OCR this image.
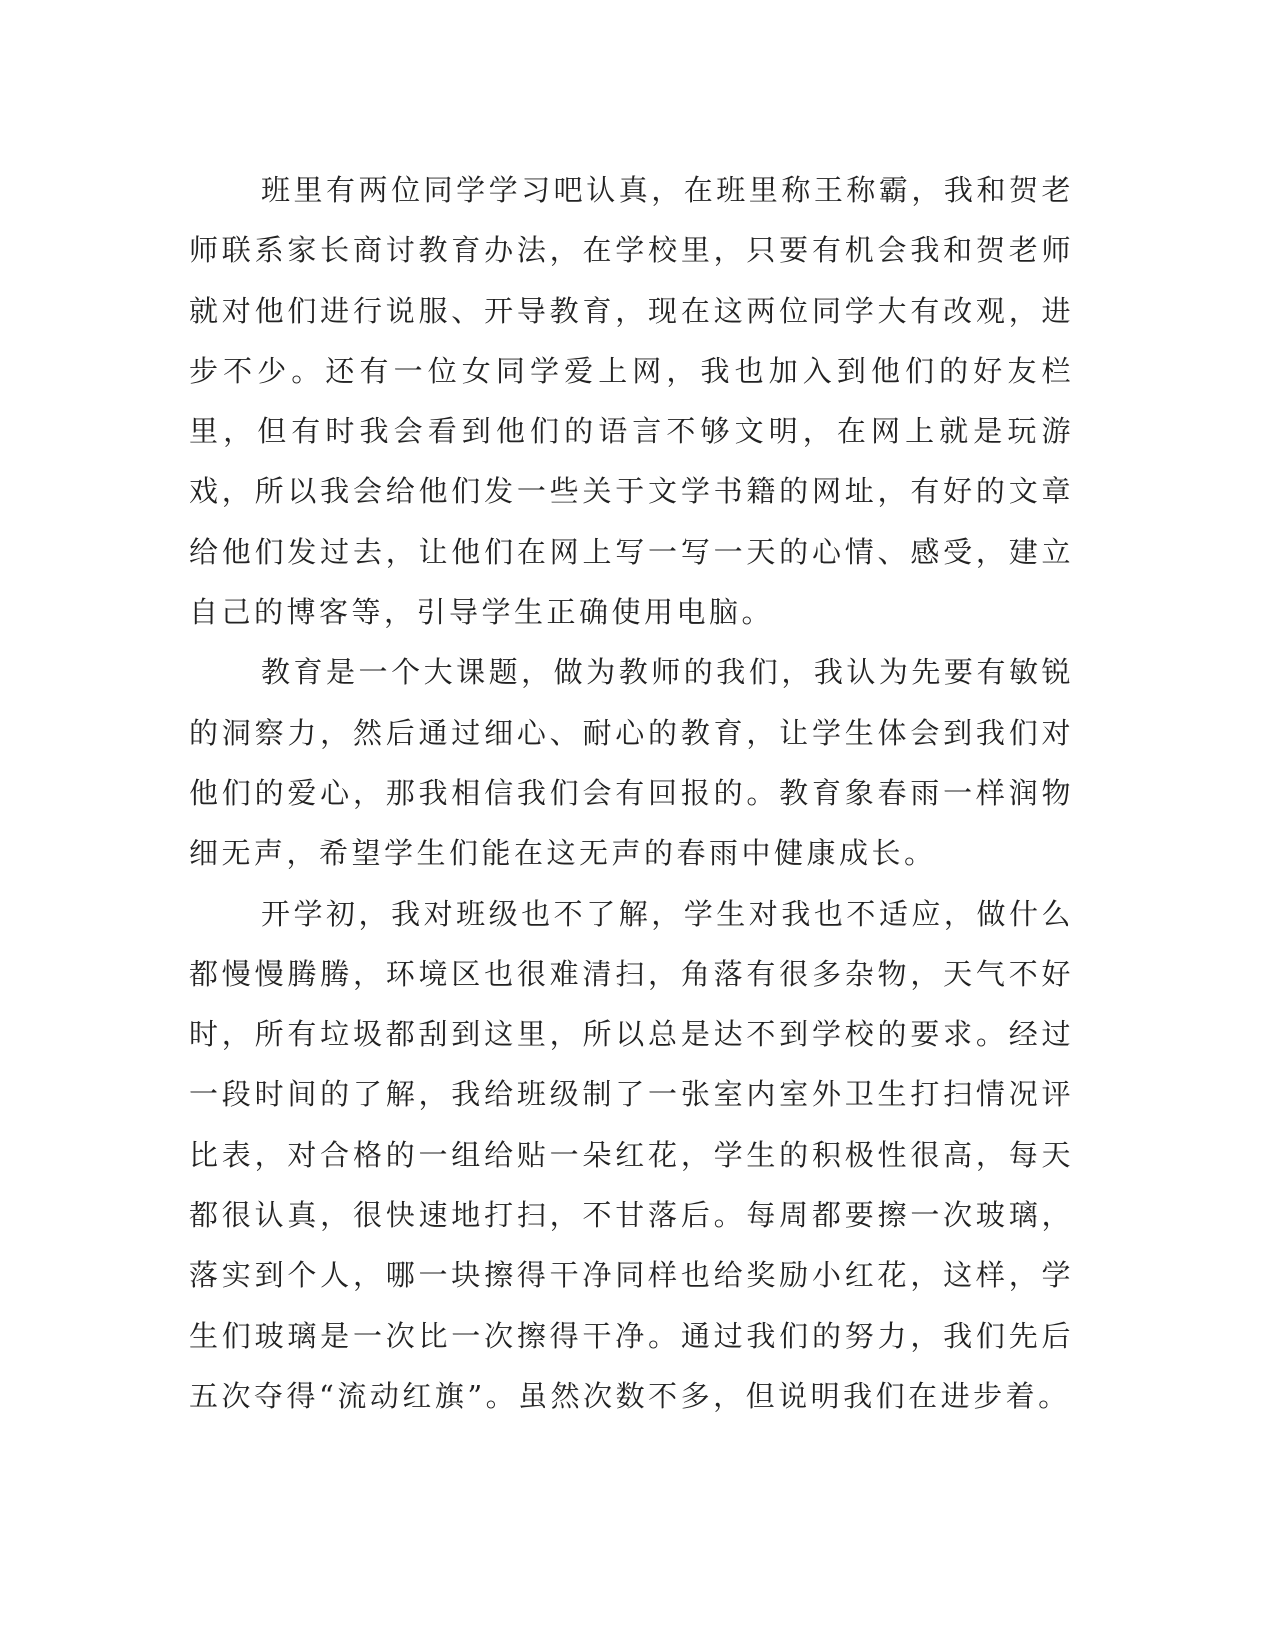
班里有两位同学学习吧认真，在班里称王称霸，我和贺老师联系家长商讨教育办法，在学校里，只要有机会我和贺老师就对他们进行说服、开导教育，现在这两位同学大有改观，进步不少。还有一位女同学爱上网，我也加入到他们的好友栏里，但有时我会看到他们的语言不够文明，在网上就是玩游戏，所以我会给他们发一些关于文学书籍的网址，有好的文章给他们发过去，让他们在网上写一写一天的心情、感受，建立自己的博客等，引导学生正确使用电脑。

教育是一个大课题，做为教师的我们，我认为先要有敏锐的洞察力，然后通过细心、耐心的教育，让学生体会到我们对他们的爱心，那我相信我们会有回报的。教育象春雨一样润物细无声，希望学生们能在这无声的春雨中健康成长。

开学初，我对班级也不了解，学生对我也不适应，做什么都慢慢腾腾，环境区也很难清扫，角落有很多杂物，天气不好时，所有垃圾都刮到这里，所以总是达不到学校的要求。经过一段时间的了解，我给班级制了一张室内室外卫生打扫情况评比表，对合格的一组给贴一朵红花，学生的积极性很高，每天都很认真，很快速地打扫，不甘落后。每周都要擦一次玻璃，落实到个人，哪一块擦得干净同样也给奖励小红花，这样，学生们玻璃是一次比一次擦得干净。通过我们的努力，我们先后五次夺得“流动红旗”。虽然次数不多，但说明我们在进步着。
